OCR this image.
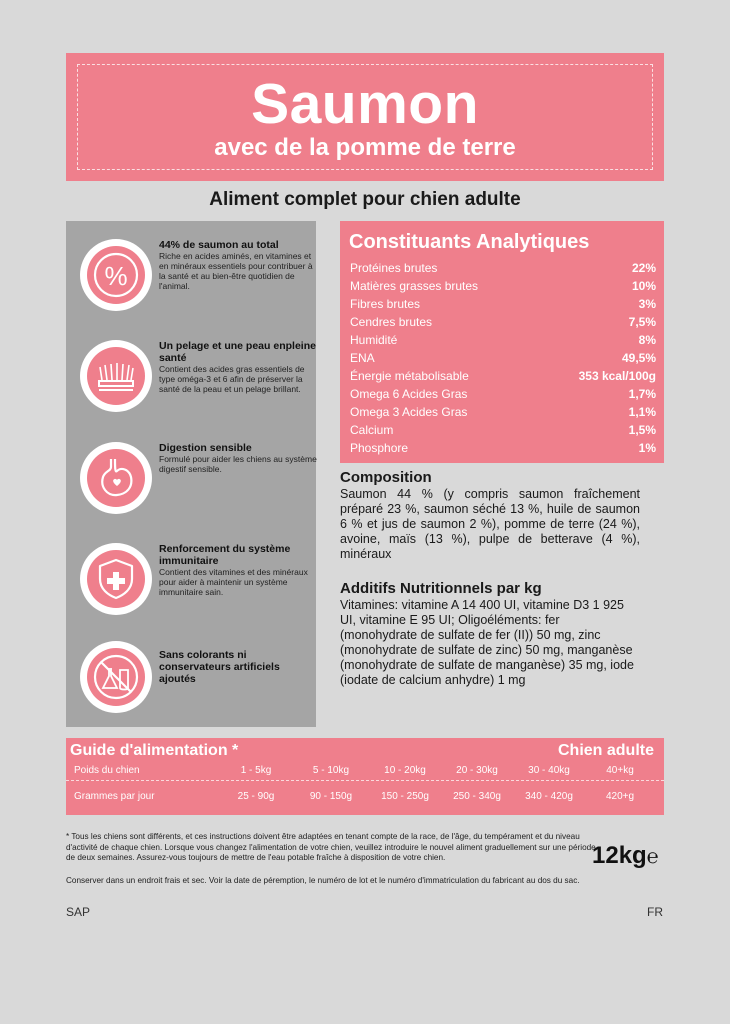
Saumon
avec de la pomme de terre
Aliment complet pour chien adulte
%
44% de saumon au total
Riche en acides aminés, en vitamines et en minéraux essentiels pour contribuer à la santé et au bien-être quotidien de l'animal.
Un pelage et une peau enpleine santé
Contient des acides gras essentiels de type oméga-3 et 6 afin de préserver la santé de la peau et un pelage brillant.
Digestion sensible
Formulé pour aider les chiens au système digestif sensible.
Renforcement du système immunitaire
Contient des vitamines et des minéraux pour aider à maintenir un système immunitaire sain.
Sans colorants ni conservateurs artificiels ajoutés
Constituants Analytiques
Protéines brutes	22%
Matières grasses brutes	10%
Fibres brutes	3%
Cendres brutes	7,5%
Humidité	8%
ENA	49,5%
Énergie métabolisable	353 kcal/100g
Omega 6 Acides Gras	1,7%
Omega 3 Acides Gras	1,1%
Calcium	1,5%
Phosphore	1%
Composition

Saumon 44 % (y compris saumon fraîchement préparé 23 %, saumon séché 13 %, huile de saumon 6 % et jus de saumon 2 %), pomme de terre (24 %), avoine, maïs (13 %), pulpe de betterave (4 %), minéraux

Additifs Nutritionnels par kg

Vitamines: vitamine A 14 400 UI, vitamine D3 1 925 UI, vitamine E 95 UI; Oligoéléments: fer (monohydrate de sulfate de fer (II)) 50 mg, zinc (monohydrate de sulfate de zinc) 50 mg, manganèse (monohydrate de sulfate de manganèse) 35 mg, iode (iodate de calcium anhydre) 1 mg

Guide d'alimentation *	Chien adulte
Poids du chien	1 - 5kg	5 - 10kg	10 - 20kg	20 - 30kg	30 - 40kg	40+kg
Grammes par jour	25 - 90g	90 - 150g	150 - 250g	250 - 340g	340 - 420g	420+g
* Tous les chiens sont différents, et ces instructions doivent être adaptées en tenant compte de la race, de l'âge, du tempérament et du niveau d'activité de chaque chien. Lorsque vous changez l'alimentation de votre chien, veuillez introduire le nouvel aliment graduellement sur une période de deux semaines. Assurez-vous toujours de mettre de l'eau potable fraîche à disposition de votre chien.
Conserver dans un endroit frais et sec. Voir la date de péremption, le numéro de lot et le numéro d'immatriculation du fabricant au dos du sac.
12kg℮
SAP	FR
